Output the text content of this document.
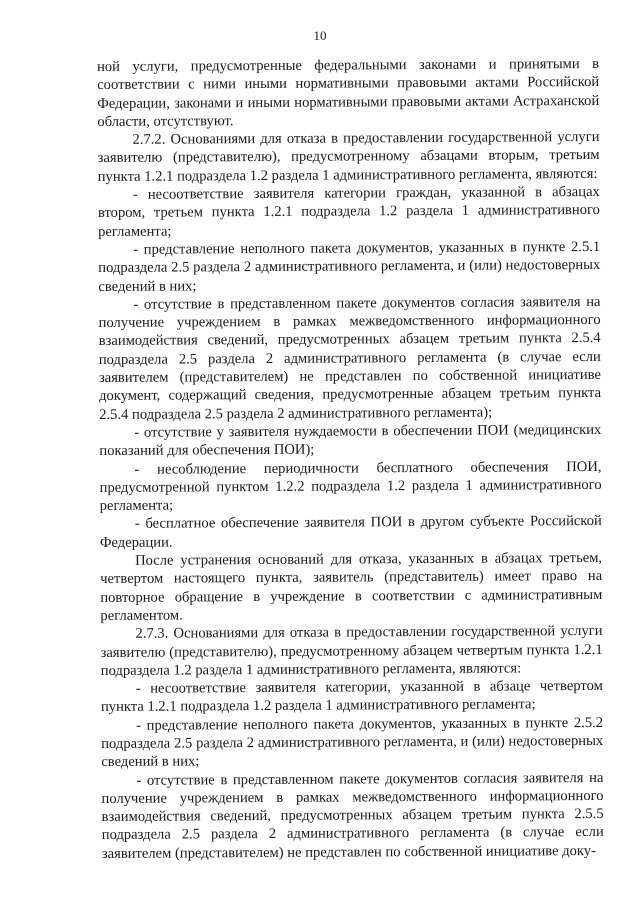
10

ной услуги, предусмотренные федеральными законами и принятыми в соответствии с ними иными нормативными правовыми актами Российской Федерации, законами и иными нормативными правовыми актами Астраханской области, отсутствуют.

2.7.2. Основаниями для отказа в предоставлении государственной услуги заявителю (представителю), предусмотренному абзацами вторым, третьим пункта 1.2.1 подраздела 1.2 раздела 1 административного регламента, являются:

- несоответствие заявителя категории граждан, указанной в абзацах втором, третьем пункта 1.2.1 подраздела 1.2 раздела 1 административного регламента;

- представление неполного пакета документов, указанных в пункте 2.5.1 подраздела 2.5 раздела 2 административного регламента, и (или) недостоверных сведений в них;

- отсутствие в представленном пакете документов согласия заявителя на получение учреждением в рамках межведомственного информационного взаимодействия сведений, предусмотренных абзацем третьим пункта 2.5.4 подраздела 2.5 раздела 2 административного регламента (в случае если заявителем (представителем) не представлен по собственной инициативе документ, содержащий сведения, предусмотренные абзацем третьим пункта 2.5.4 подраздела 2.5 раздела 2 административного регламента);

- отсутствие у заявителя нуждаемости в обеспечении ПОИ (медицинских показаний для обеспечения ПОИ);

- несоблюдение периодичности бесплатного обеспечения ПОИ, предусмотренной пунктом 1.2.2 подраздела 1.2 раздела 1 административного регламента;

- бесплатное обеспечение заявителя ПОИ в другом субъекте Российской Федерации.

После устранения оснований для отказа, указанных в абзацах третьем, четвертом настоящего пункта, заявитель (представитель) имеет право на повторное обращение в учреждение в соответствии с административным регламентом.

2.7.3. Основаниями для отказа в предоставлении государственной услуги заявителю (представителю), предусмотренному абзацем четвертым пункта 1.2.1 подраздела 1.2 раздела 1 административного регламента, являются:

- несоответствие заявителя категории, указанной в абзаце четвертом пункта 1.2.1 подраздела 1.2 раздела 1 административного регламента;

- представление неполного пакета документов, указанных в пункте 2.5.2 подраздела 2.5 раздела 2 административного регламента, и (или) недостоверных сведений в них;

- отсутствие в представленном пакете документов согласия заявителя на получение учреждением в рамках межведомственного информационного взаимодействия сведений, предусмотренных абзацем третьим пункта 2.5.5 подраздела 2.5 раздела 2 административного регламента (в случае если заявителем (представителем) не представлен по собственной инициативе доку-
